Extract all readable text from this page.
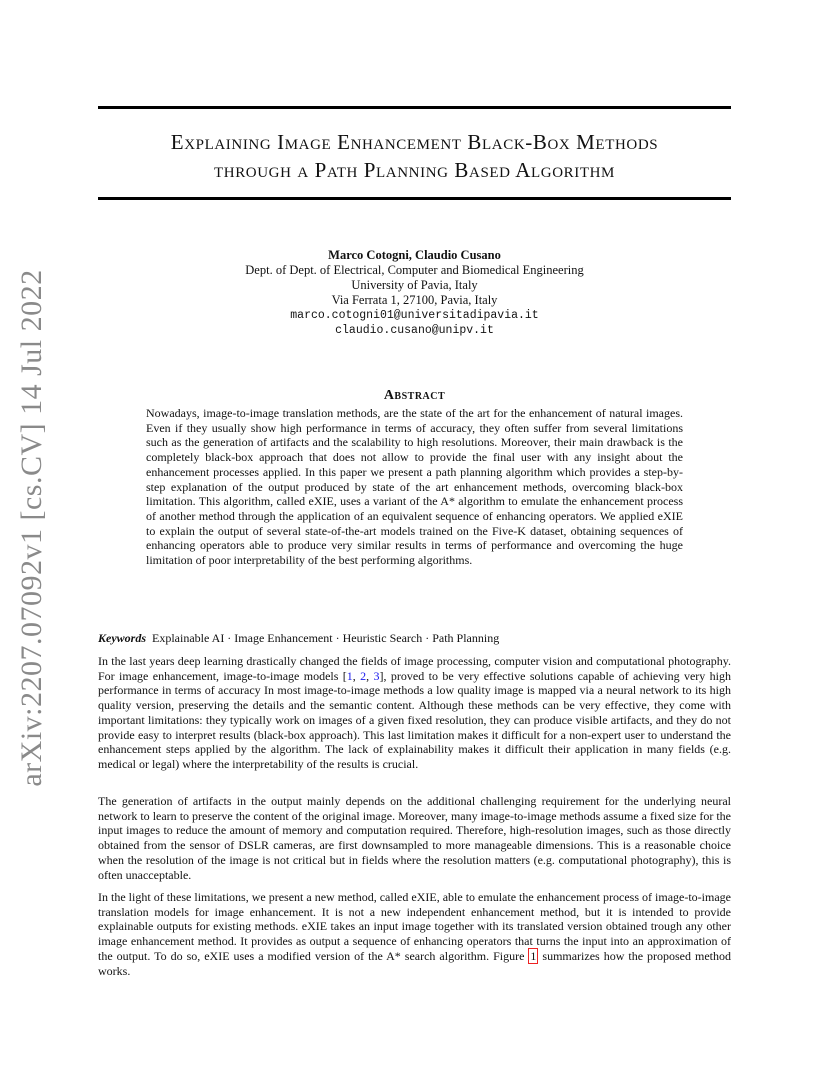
arXiv:2207.07092v1 [cs.CV] 14 Jul 2022
Explaining Image Enhancement Black-Box Methods
through a Path Planning Based Algorithm
Marco Cotogni, Claudio Cusano
Dept. of Dept. of Electrical, Computer and Biomedical Engineering
University of Pavia, Italy
Via Ferrata 1, 27100, Pavia, Italy
marco.cotogni01@universitadipavia.it
claudio.cusano@unipv.it
Abstract

Nowadays, image-to-image translation methods, are the state of the art for the enhancement of natural images. Even if they usually show high performance in terms of accuracy, they often suffer from several limitations such as the generation of artifacts and the scalability to high resolutions. Moreover, their main drawback is the completely black-box approach that does not allow to provide the final user with any insight about the enhancement processes applied. In this paper we present a path planning algorithm which provides a step-by-step explanation of the output produced by state of the art enhancement methods, overcoming black-box limitation. This algorithm, called eXIE, uses a variant of the A* algorithm to emulate the enhancement process of another method through the application of an equivalent sequence of enhancing operators. We applied eXIE to explain the output of several state-of-the-art models trained on the Five-K dataset, obtaining sequences of enhancing operators able to produce very similar results in terms of performance and overcoming the huge limitation of poor interpretability of the best performing algorithms.

Keywords Explainable AI · Image Enhancement · Heuristic Search · Path Planning

In the last years deep learning drastically changed the fields of image processing, computer vision and computational photography. For image enhancement, image-to-image models [1, 2, 3], proved to be very effective solutions capable of achieving very high performance in terms of accuracy In most image-to-image methods a low quality image is mapped via a neural network to its high quality version, preserving the details and the semantic content. Although these methods can be very effective, they come with important limitations: they typically work on images of a given fixed resolution, they can produce visible artifacts, and they do not provide easy to interpret results (black-box approach). This last limitation makes it difficult for a non-expert user to understand the enhancement steps applied by the algorithm. The lack of explainability makes it difficult their application in many fields (e.g. medical or legal) where the interpretability of the results is crucial.

The generation of artifacts in the output mainly depends on the additional challenging requirement for the underlying neural network to learn to preserve the content of the original image. Moreover, many image-to-image methods assume a fixed size for the input images to reduce the amount of memory and computation required. Therefore, high-resolution images, such as those directly obtained from the sensor of DSLR cameras, are first downsampled to more manageable dimensions. This is a reasonable choice when the resolution of the image is not critical but in fields where the resolution matters (e.g. computational photography), this is often unacceptable.

In the light of these limitations, we present a new method, called eXIE, able to emulate the enhancement process of image-to-image translation models for image enhancement. It is not a new independent enhancement method, but it is intended to provide explainable outputs for existing methods. eXIE takes an input image together with its translated version obtained trough any other image enhancement method. It provides as output a sequence of enhancing operators that turns the input into an approximation of the output. To do so, eXIE uses a modified version of the A* search algorithm. Figure 1 summarizes how the proposed method works.
